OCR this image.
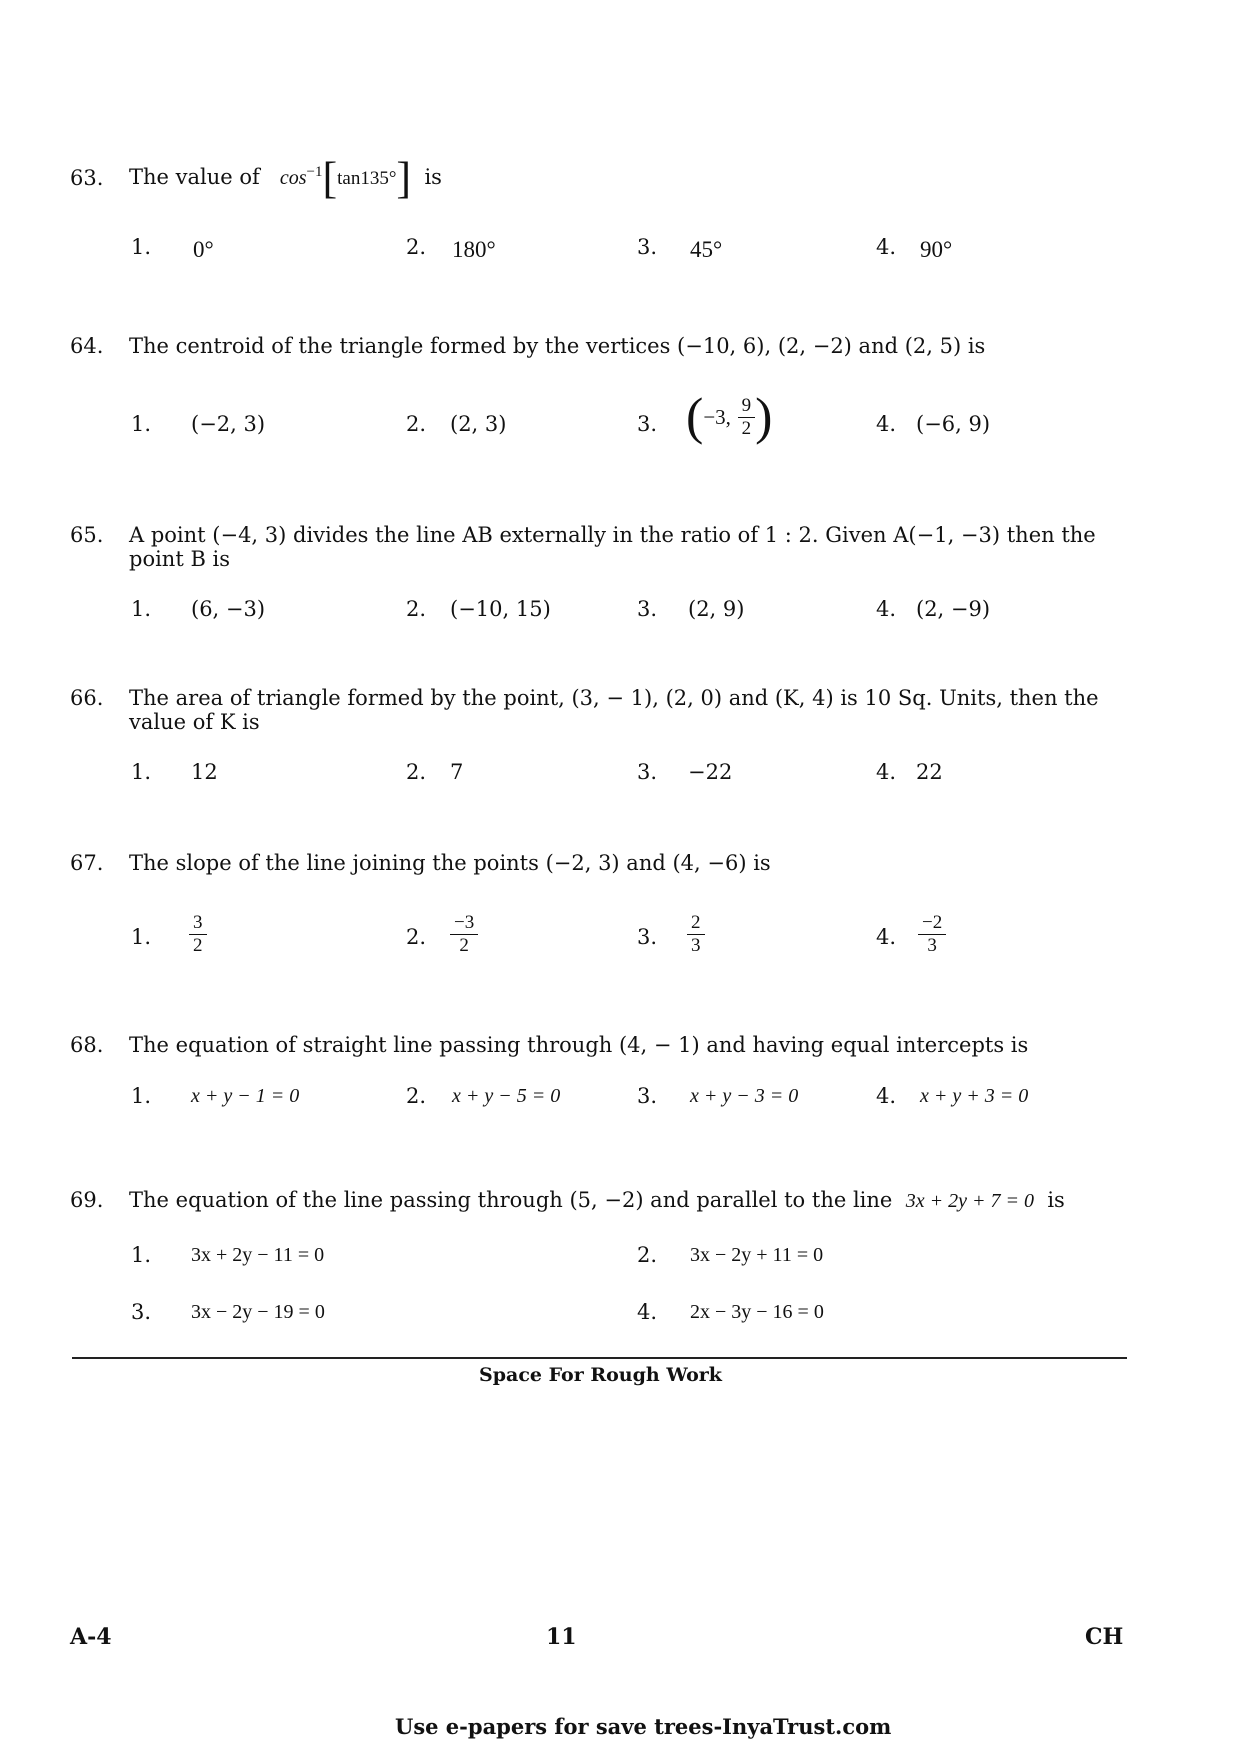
63. The value of $\cos^{-1}[\tan 135^\circ]$ is
1. 0°	2. 180°	3. 45°	4. 90°
64. The centroid of the triangle formed by the vertices (−10, 6), (2, −2) and (2, 5) is
1. (−2, 3)	2. (2, 3)	3. (−3, $\frac{9}{2}$ )	4. (−6, 9)
65. A point (−4, 3) divides the line AB externally in the ratio of 1 : 2. Given A(−1, −3) then the point B is
1. (6, −3)	2. (−10, 15)	3. (2, 9)	4. (2, −9)
66. The area of triangle formed by the point, (3, − 1), (2, 0) and (K, 4) is 10 Sq. Units, then the value of K is
1. 12	2. 7	3. −22	4. 22
67. The slope of the line joining the points (−2, 3) and (4, −6) is
1. $\frac{3}{2}$	2. $\frac{-3}{2}$	3. $\frac{2}{3}$	4. $\frac{-2}{3}$
68. The equation of straight line passing through (4, − 1) and having equal intercepts is
1. x + y − 1 = 0	2. x + y − 5 = 0	3. x + y − 3 = 0	4. x + y + 3 = 0
69. The equation of the line passing through (5, −2) and parallel to the line 3x + 2y + 7 = 0 is
1. 3x + 2y − 11 = 0	2. 3x − 2y + 11 = 0
3. 3x − 2y − 19 = 0	4. 2x − 3y − 16 = 0
Space For Rough Work
A-4	11	CH
Use e-papers for save trees-InyaTrust.com
